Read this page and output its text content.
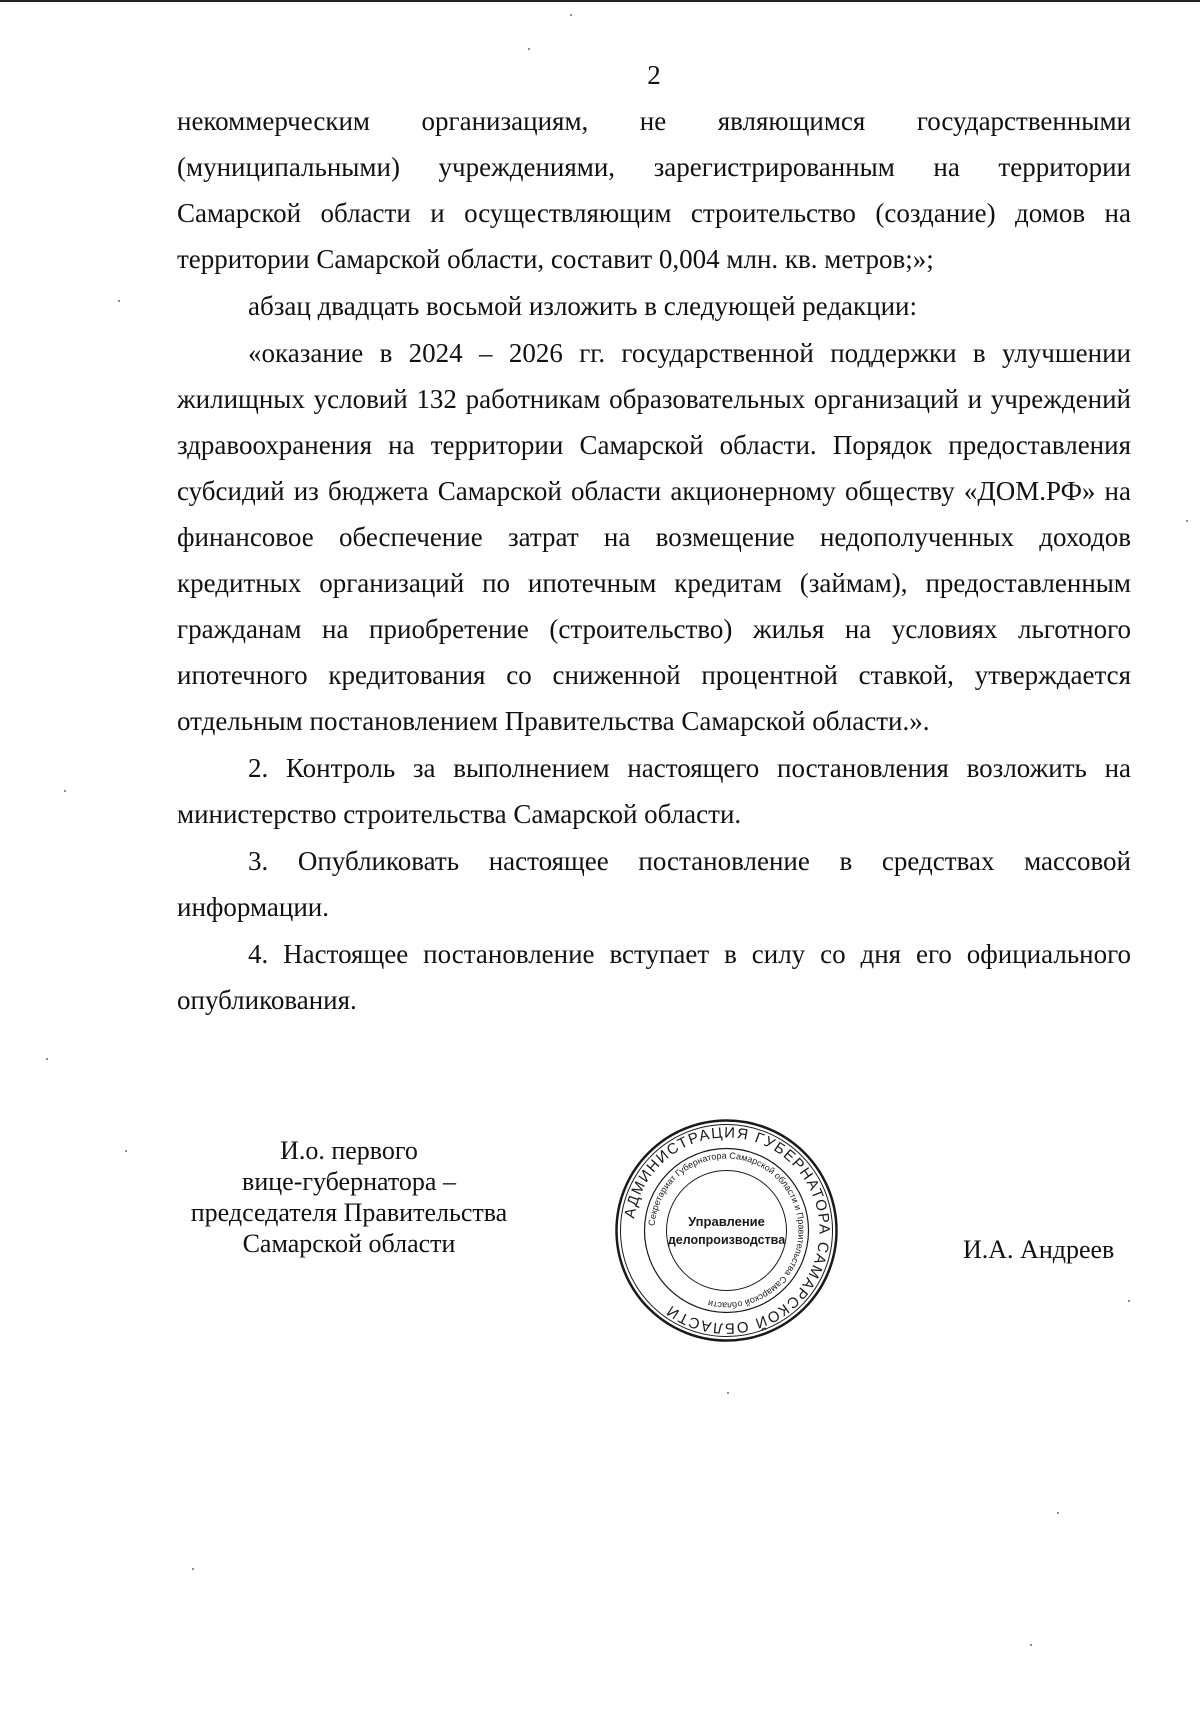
2

некоммерческим организациям, не являющимся государственными (муниципальными) учреждениями, зарегистрированным на территории Самарской области и осуществляющим строительство (создание) домов на территории Самарской области, составит 0,004 млн. кв. метров;»;

абзац двадцать восьмой изложить в следующей редакции:

«оказание в 2024 – 2026 гг. государственной поддержки в улучшении жилищных условий 132 работникам образовательных организаций и учреждений здравоохранения на территории Самарской области. Порядок предоставления субсидий из бюджета Самарской области акционерному обществу «ДОМ.РФ» на финансовое обеспечение затрат на возмещение недополученных доходов кредитных организаций по ипотечным кредитам (займам), предоставленным гражданам на приобретение (строительство) жилья на условиях льготного ипотечного кредитования со сниженной процентной ставкой, утверждается отдельным постановлением Правительства Самарской области.».

2. Контроль за выполнением настоящего постановления возложить на министерство строительства Самарской области.

3. Опубликовать настоящее постановление в средствах массовой информации.

4. Настоящее постановление вступает в силу со дня его официального опубликования.

И.о. первого
вице-губернатора –
председателя Правительства
Самарской области
АДМИНИСТРАЦИЯ ГУБЕРНАТОРА САМАРСКОЙ ОБЛАСТИ
Секретариат Губернатора Самарской области и Правительства Самарской области
Управление
делопроизводства	И.А. Андреев
